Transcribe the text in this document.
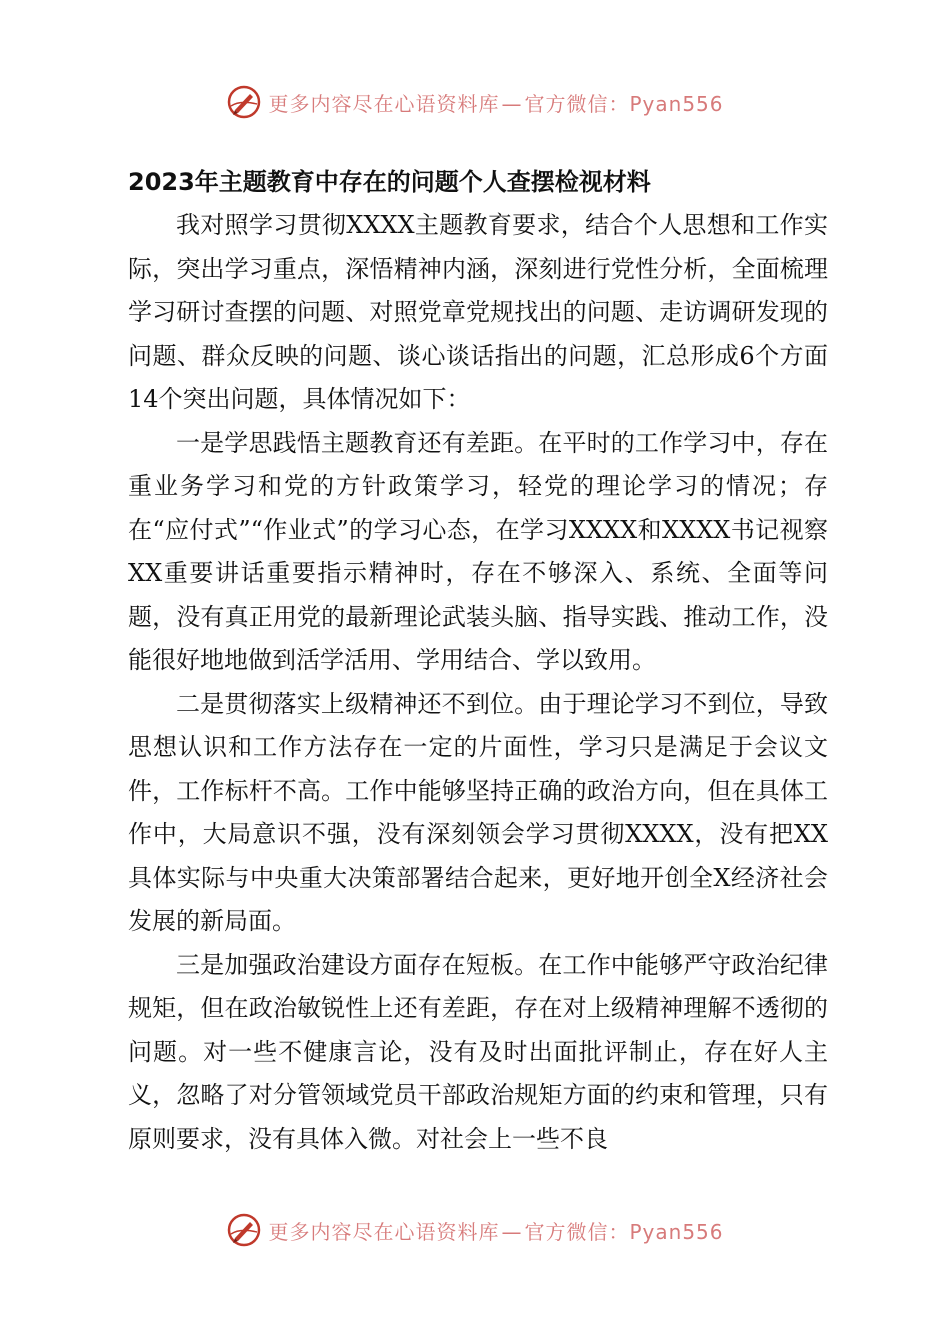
更多内容尽在心语资料库 — 官方微信：Pyan556
2023年主题教育中存在的问题个人查摆检视材料

我对照学习贯彻XXXX主题教育要求，结合个人思想和工作实际，突出学习重点，深悟精神内涵，深刻进行党性分析，全面梳理学习研讨查摆的问题、对照党章党规找出的问题、走访调研发现的问题、群众反映的问题、谈心谈话指出的问题，汇总形成6个方面14个突出问题，具体情况如下：

一是学思践悟主题教育还有差距。在平时的工作学习中，存在重业务学习和党的方针政策学习，轻党的理论学习的情况；存在“应付式”“作业式”的学习心态，在学习XXXX和XXXX书记视察XX重要讲话重要指示精神时，存在不够深入、系统、全面等问题，没有真正用党的最新理论武装头脑、指导实践、推动工作，没能很好地地做到活学活用、学用结合、学以致用。

二是贯彻落实上级精神还不到位。由于理论学习不到位，导致思想认识和工作方法存在一定的片面性，学习只是满足于会议文件，工作标杆不高。工作中能够坚持正确的政治方向，但在具体工作中，大局意识不强，没有深刻领会学习贯彻XXXX，没有把XX具体实际与中央重大决策部署结合起来，更好地开创全X经济社会发展的新局面。

三是加强政治建设方面存在短板。在工作中能够严守政治纪律规矩，但在政治敏锐性上还有差距，存在对上级精神理解不透彻的问题。对一些不健康言论，没有及时出面批评制止，存在好人主义，忽略了对分管领域党员干部政治规矩方面的约束和管理，只有原则要求，没有具体入微。对社会上一些不良

更多内容尽在心语资料库 — 官方微信：Pyan556
